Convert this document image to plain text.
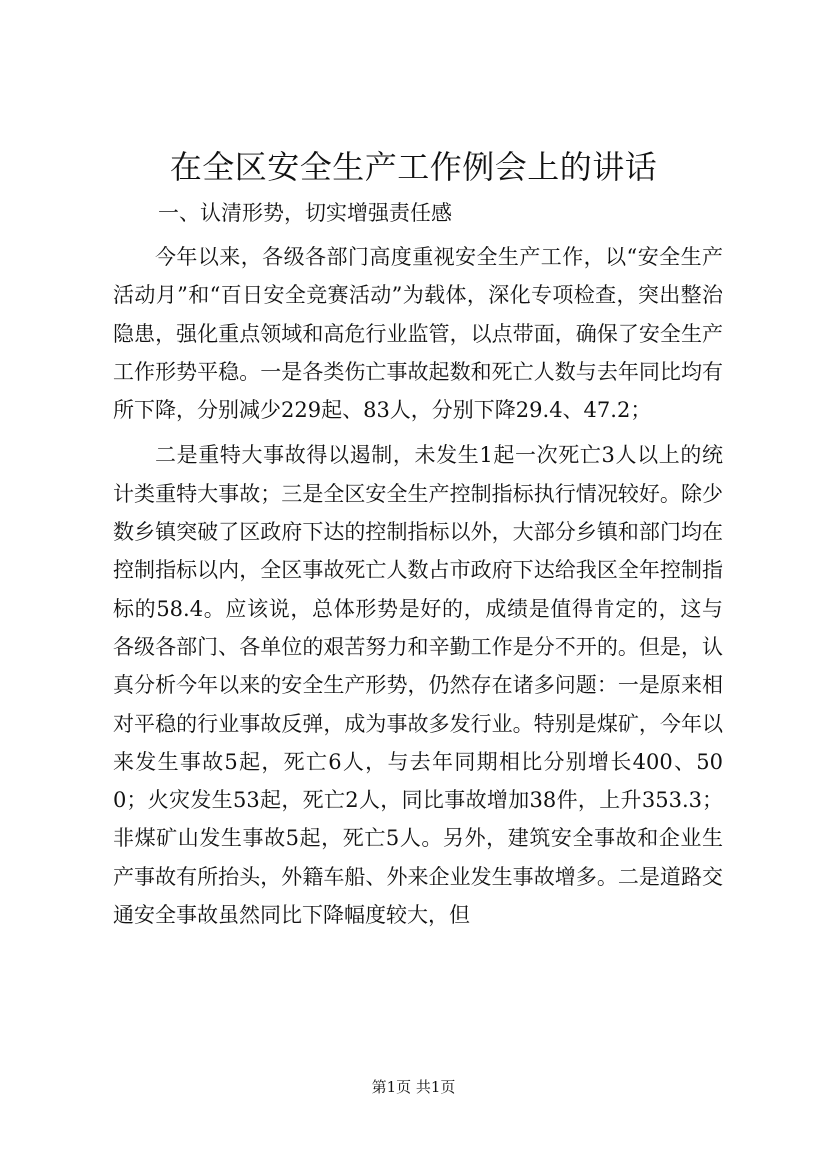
在全区安全生产工作例会上的讲话
一、认清形势，切实增强责任感

今年以来，各级各部门高度重视安全生产工作，以“安全生产活动月”和“百日安全竞赛活动”为载体，深化专项检查，突出整治隐患，强化重点领域和高危行业监管，以点带面，确保了安全生产工作形势平稳。一是各类伤亡事故起数和死亡人数与去年同比均有所下降，分别减少229起、83人，分别下降29.4、47.2；

二是重特大事故得以遏制，未发生1起一次死亡3人以上的统计类重特大事故；三是全区安全生产控制指标执行情况较好。除少数乡镇突破了区政府下达的控制指标以外，大部分乡镇和部门均在控制指标以内，全区事故死亡人数占市政府下达给我区全年控制指标的58.4。应该说，总体形势是好的，成绩是值得肯定的，这与各级各部门、各单位的艰苦努力和辛勤工作是分不开的。但是，认真分析今年以来的安全生产形势，仍然存在诸多问题：一是原来相对平稳的行业事故反弹，成为事故多发行业。特别是煤矿，今年以来发生事故5起，死亡6人，与去年同期相比分别增长400、500；火灾发生53起，死亡2人，同比事故增加38件，上升353.3；非煤矿山发生事故5起，死亡5人。另外，建筑安全事故和企业生产事故有所抬头，外籍车船、外来企业发生事故增多。二是道路交通安全事故虽然同比下降幅度较大，但

第1页 共1页
